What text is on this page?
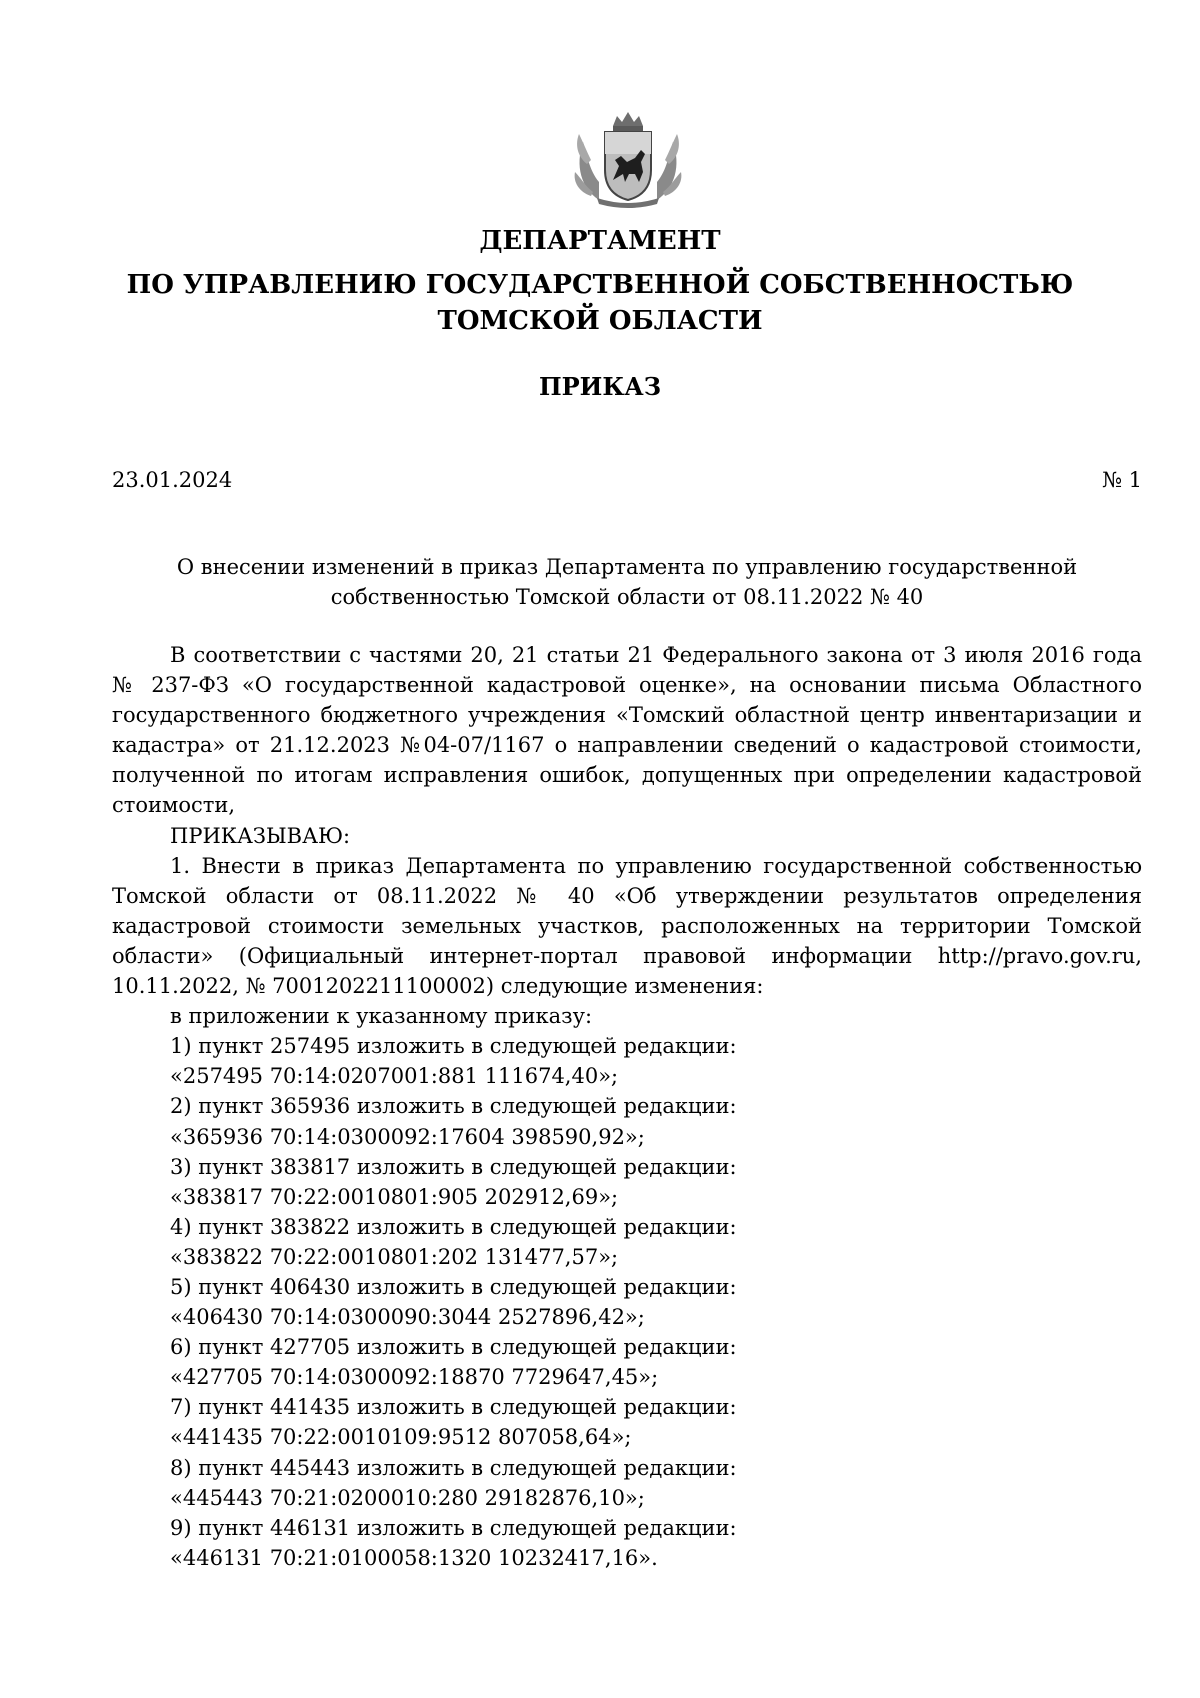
ДЕПАРТАМЕНТ
ПО УПРАВЛЕНИЮ ГОСУДАРСТВЕННОЙ СОБСТВЕННОСТЬЮ
ТОМСКОЙ ОБЛАСТИ
ПРИКАЗ
23.01.2024	№ 1
О внесении изменений в приказ Департамента по управлению государственной
собственностью Томской области от 08.11.2022 № 40

В соответствии с частями 20, 21 статьи 21 Федерального закона от 3 июля 2016 года № 237-ФЗ «О государственной кадастровой оценке», на основании письма Областного государственного бюджетного учреждения «Томский областной центр инвентаризации и кадастра» от 21.12.2023 №04-07/1167 о направлении сведений о кадастровой стоимости, полученной по итогам исправления ошибок, допущенных при определении кадастровой стоимости,

ПРИКАЗЫВАЮ:

1. Внести в приказ Департамента по управлению государственной собственностью Томской области от 08.11.2022 № 40 «Об утверждении результатов определения кадастровой стоимости земельных участков, расположенных на территории Томской области» (Официальный интернет-портал правовой информации http://pravo.gov.ru, 10.11.2022, № 7001202211100002) следующие изменения:

в приложении к указанному приказу:

1) пункт 257495 изложить в следующей редакции:

«257495 70:14:0207001:881 111674,40»;

2) пункт 365936 изложить в следующей редакции:

«365936 70:14:0300092:17604 398590,92»;

3) пункт 383817 изложить в следующей редакции:

«383817 70:22:0010801:905 202912,69»;

4) пункт 383822 изложить в следующей редакции:

«383822 70:22:0010801:202 131477,57»;

5) пункт 406430 изложить в следующей редакции:

«406430 70:14:0300090:3044 2527896,42»;

6) пункт 427705 изложить в следующей редакции:

«427705 70:14:0300092:18870 7729647,45»;

7) пункт 441435 изложить в следующей редакции:

«441435 70:22:0010109:9512 807058,64»;

8) пункт 445443 изложить в следующей редакции:

«445443 70:21:0200010:280 29182876,10»;

9) пункт 446131 изложить в следующей редакции:

«446131 70:21:0100058:1320 10232417,16».
